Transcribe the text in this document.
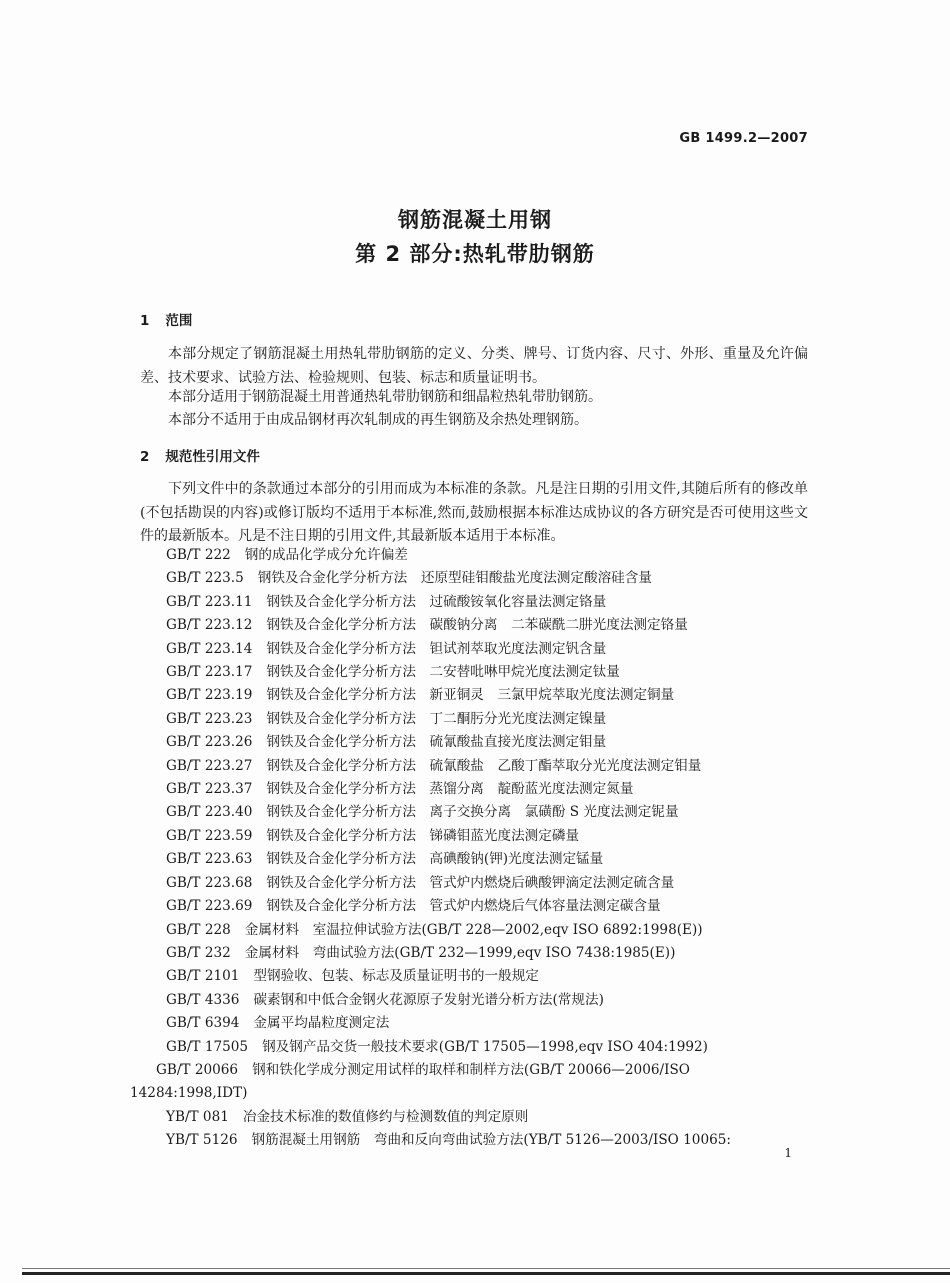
GB 1499.2—2007
钢筋混凝土用钢
第 2 部分:热轧带肋钢筋
1 范围

本部分规定了钢筋混凝土用热轧带肋钢筋的定义、分类、牌号、订货内容、尺寸、外形、重量及允许偏差、技术要求、试验方法、检验规则、包装、标志和质量证明书。

本部分适用于钢筋混凝土用普通热轧带肋钢筋和细晶粒热轧带肋钢筋。

本部分不适用于由成品钢材再次轧制成的再生钢筋及余热处理钢筋。

2 规范性引用文件

下列文件中的条款通过本部分的引用而成为本标准的条款。凡是注日期的引用文件,其随后所有的修改单(不包括勘误的内容)或修订版均不适用于本标准,然而,鼓励根据本标准达成协议的各方研究是否可使用这些文件的最新版本。凡是不注日期的引用文件,其最新版本适用于本标准。

GB/T 222 钢的成品化学成分允许偏差
GB/T 223.5 钢铁及合金化学分析方法　还原型硅钼酸盐光度法测定酸溶硅含量
GB/T 223.11 钢铁及合金化学分析方法　过硫酸铵氧化容量法测定铬量
GB/T 223.12 钢铁及合金化学分析方法　碳酸钠分离　二苯碳酰二肼光度法测定铬量
GB/T 223.14 钢铁及合金化学分析方法　钽试剂萃取光度法测定钒含量
GB/T 223.17 钢铁及合金化学分析方法　二安替吡啉甲烷光度法测定钛量
GB/T 223.19 钢铁及合金化学分析方法　新亚铜灵　三氯甲烷萃取光度法测定铜量
GB/T 223.23 钢铁及合金化学分析方法　丁二酮肟分光光度法测定镍量
GB/T 223.26 钢铁及合金化学分析方法　硫氰酸盐直接光度法测定钼量
GB/T 223.27 钢铁及合金化学分析方法　硫氰酸盐　乙酸丁酯萃取分光光度法测定钼量
GB/T 223.37 钢铁及合金化学分析方法　蒸馏分离　靛酚蓝光度法测定氮量
GB/T 223.40 钢铁及合金化学分析方法　离子交换分离　氯磺酚 S 光度法测定铌量
GB/T 223.59 钢铁及合金化学分析方法　锑磷钼蓝光度法测定磷量
GB/T 223.63 钢铁及合金化学分析方法　高碘酸钠(钾)光度法测定锰量
GB/T 223.68 钢铁及合金化学分析方法　管式炉内燃烧后碘酸钾滴定法测定硫含量
GB/T 223.69 钢铁及合金化学分析方法　管式炉内燃烧后气体容量法测定碳含量
GB/T 228 金属材料　室温拉伸试验方法(GB/T 228—2002,eqv ISO 6892:1998(E))
GB/T 232 金属材料　弯曲试验方法(GB/T 232—1999,eqv ISO 7438:1985(E))
GB/T 2101 型钢验收、包装、标志及质量证明书的一般规定
GB/T 4336 碳素钢和中低合金钢火花源原子发射光谱分析方法(常规法)
GB/T 6394 金属平均晶粒度测定法
GB/T 17505 钢及钢产品交货一般技术要求(GB/T 17505—1998,eqv ISO 404:1992)
GB/T 20066 钢和铁化学成分测定用试样的取样和制样方法(GB/T 20066—2006/ISO 14284:1998,IDT)
YB/T 081 冶金技术标准的数值修约与检测数值的判定原则
YB/T 5126 钢筋混凝土用钢筋　弯曲和反向弯曲试验方法(YB/T 5126—2003/ISO 10065:
1
